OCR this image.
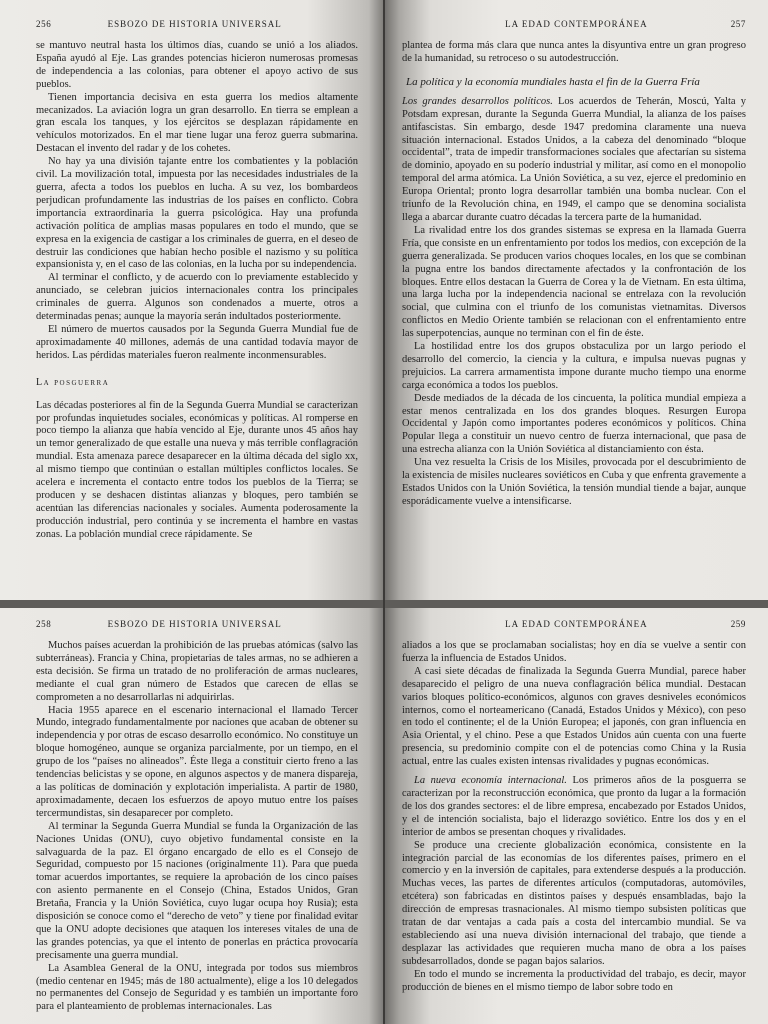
256	ESBOZO DE HISTORIA UNIVERSAL

se mantuvo neutral hasta los últimos días, cuando se unió a los aliados. España ayudó al Eje. Las grandes potencias hicieron numerosas promesas de independencia a las colonias, para obtener el apoyo activo de sus pueblos.

Tienen importancia decisiva en esta guerra los medios altamente mecanizados. La aviación logra un gran desarrollo. En tierra se emplean a gran escala los tanques, y los ejércitos se desplazan rápidamente en vehículos motorizados. En el mar tiene lugar una feroz guerra submarina. Destacan el invento del radar y de los cohetes.

No hay ya una división tajante entre los combatientes y la población civil. La movilización total, impuesta por las necesidades industriales de la guerra, afecta a todos los pueblos en lucha. A su vez, los bombardeos perjudican profundamente las industrias de los países en conflicto. Cobra importancia extraordinaria la guerra psicológica. Hay una profunda activación política de amplias masas populares en todo el mundo, que se expresa en la exigencia de castigar a los criminales de guerra, en el deseo de destruir las condiciones que habían hecho posible el nazismo y su política expansionista y, en el caso de las colonias, en la lucha por su independencia.

Al terminar el conflicto, y de acuerdo con lo previamente establecido y anunciado, se celebran juicios internacionales contra los principales criminales de guerra. Algunos son condenados a muerte, otros a determinadas penas; aunque la mayoría serán indultados posteriormente.

El número de muertos causados por la Segunda Guerra Mundial fue de aproximadamente 40 millones, además de una cantidad todavía mayor de heridos. Las pérdidas materiales fueron realmente inconmensurables.

La posguerra

Las décadas posteriores al fin de la Segunda Guerra Mundial se caracterizan por profundas inquietudes sociales, económicas y políticas. Al romperse en poco tiempo la alianza que había vencido al Eje, durante unos 45 años hay un temor generalizado de que estalle una nueva y más terrible conflagración mundial. Esta amenaza parece desaparecer en la última década del siglo xx, al mismo tiempo que continúan o estallan múltiples conflictos locales. Se acelera e incrementa el contacto entre todos los pueblos de la Tierra; se producen y se deshacen distintas alianzas y bloques, pero también se acentúan las diferencias nacionales y sociales. Aumenta poderosamente la producción industrial, pero continúa y se incrementa el hambre en vastas zonas. La población mundial crece rápidamente. Se

LA EDAD CONTEMPORÁNEA	257

plantea de forma más clara que nunca antes la disyuntiva entre un gran progreso de la humanidad, su retroceso o su autodestrucción.

La política y la economía mundiales hasta el fin de la Guerra Fría

Los grandes desarrollos políticos. Los acuerdos de Teherán, Moscú, Yalta y Potsdam expresan, durante la Segunda Guerra Mundial, la alianza de los países antifascistas. Sin embargo, desde 1947 predomina claramente una nueva situación internacional. Estados Unidos, a la cabeza del denominado “bloque occidental”, trata de impedir transformaciones sociales que afectarían su sistema de dominio, apoyado en su poderío industrial y militar, así como en el monopolio temporal del arma atómica. La Unión Soviética, a su vez, ejerce el predominio en Europa Oriental; pronto logra desarrollar también una bomba nuclear. Con el triunfo de la Revolución china, en 1949, el campo que se denomina socialista llega a abarcar durante cuatro décadas la tercera parte de la humanidad.

La rivalidad entre los dos grandes sistemas se expresa en la llamada Guerra Fría, que consiste en un enfrentamiento por todos los medios, con excepción de la guerra generalizada. Se producen varios choques locales, en los que se combinan la pugna entre los bandos directamente afectados y la confrontación de los bloques. Entre ellos destacan la Guerra de Corea y la de Vietnam. En esta última, una larga lucha por la independencia nacional se entrelaza con la revolución social, que culmina con el triunfo de los comunistas vietnamitas. Diversos conflictos en Medio Oriente también se relacionan con el enfrentamiento entre las superpotencias, aunque no terminan con el fin de éste.

La hostilidad entre los dos grupos obstaculiza por un largo periodo el desarrollo del comercio, la ciencia y la cultura, e impulsa nuevas pugnas y prejuicios. La carrera armamentista impone durante mucho tiempo una enorme carga económica a todos los pueblos.

Desde mediados de la década de los cincuenta, la política mundial empieza a estar menos centralizada en los dos grandes bloques. Resurgen Europa Occidental y Japón como importantes poderes económicos y políticos. China Popular llega a constituir un nuevo centro de fuerza internacional, que pasa de una estrecha alianza con la Unión Soviética al distanciamiento con ésta.

Una vez resuelta la Crisis de los Misiles, provocada por el descubrimiento de la existencia de misiles nucleares soviéticos en Cuba y que enfrenta gravemente a Estados Unidos con la Unión Soviética, la tensión mundial tiende a bajar, aunque esporádicamente vuelve a intensificarse.

258	ESBOZO DE HISTORIA UNIVERSAL

Muchos países acuerdan la prohibición de las pruebas atómicas (salvo las subterráneas). Francia y China, propietarias de tales armas, no se adhieren a esta decisión. Se firma un tratado de no proliferación de armas nucleares, mediante el cual gran número de Estados que carecen de ellas se comprometen a no desarrollarlas ni adquirirlas.

Hacia 1955 aparece en el escenario internacional el llamado Tercer Mundo, integrado fundamentalmente por naciones que acaban de obtener su independencia y por otras de escaso desarrollo económico. No constituye un bloque homogéneo, aunque se organiza parcialmente, por un tiempo, en el grupo de los “países no alineados”. Éste llega a constituir cierto freno a las tendencias belicistas y se opone, en algunos aspectos y de manera dispareja, a las políticas de dominación y explotación imperialista. A partir de 1980, aproximadamente, decaen los esfuerzos de apoyo mutuo entre los países tercermundistas, sin desaparecer por completo.

Al terminar la Segunda Guerra Mundial se funda la Organización de las Naciones Unidas (ONU), cuyo objetivo fundamental consiste en la salvaguarda de la paz. El órgano encargado de ello es el Consejo de Seguridad, compuesto por 15 naciones (originalmente 11). Para que pueda tomar acuerdos importantes, se requiere la aprobación de los cinco países con asiento permanente en el Consejo (China, Estados Unidos, Gran Bretaña, Francia y la Unión Soviética, cuyo lugar ocupa hoy Rusia); esta disposición se conoce como el “derecho de veto” y tiene por finalidad evitar que la ONU adopte decisiones que ataquen los intereses vitales de una de las grandes potencias, ya que el intento de ponerlas en práctica provocaría precisamente una guerra mundial.

La Asamblea General de la ONU, integrada por todos sus miembros (medio centenar en 1945; más de 180 actualmente), elige a los 10 delegados no permanentes del Consejo de Seguridad y es también un importante foro para el planteamiento de problemas internacionales. Las

LA EDAD CONTEMPORÁNEA	259

aliados a los que se proclamaban socialistas; hoy en día se vuelve a sentir con fuerza la influencia de Estados Unidos.

A casi siete décadas de finalizada la Segunda Guerra Mundial, parece haber desaparecido el peligro de una nueva conflagración bélica mundial. Destacan varios bloques político-económicos, algunos con graves desniveles económicos internos, como el norteamericano (Canadá, Estados Unidos y México), con peso en todo el continente; el de la Unión Europea; el japonés, con gran influencia en Asia Oriental, y el chino. Pese a que Estados Unidos aún cuenta con una fuerte presencia, su predominio compite con el de potencias como China y la Rusia actual, entre las cuales existen intensas rivalidades y pugnas económicas.

La nueva economía internacional. Los primeros años de la posguerra se caracterizan por la reconstrucción económica, que pronto da lugar a la formación de los dos grandes sectores: el de libre empresa, encabezado por Estados Unidos, y el de intención socialista, bajo el liderazgo soviético. Entre los dos y en el interior de ambos se presentan choques y rivalidades.

Se produce una creciente globalización económica, consistente en la integración parcial de las economías de los diferentes países, primero en el comercio y en la inversión de capitales, para extenderse después a la producción. Muchas veces, las partes de diferentes artículos (computadoras, automóviles, etcétera) son fabricadas en distintos países y después ensambladas, bajo la dirección de empresas trasnacionales. Al mismo tiempo subsisten políticas que tratan de dar ventajas a cada país a costa del intercambio mundial. Se va estableciendo así una nueva división internacional del trabajo, que tiende a desplazar las actividades que requieren mucha mano de obra a los países subdesarrollados, donde se pagan bajos salarios.

En todo el mundo se incrementa la productividad del trabajo, es decir, mayor producción de bienes en el mismo tiempo de labor sobre todo en
